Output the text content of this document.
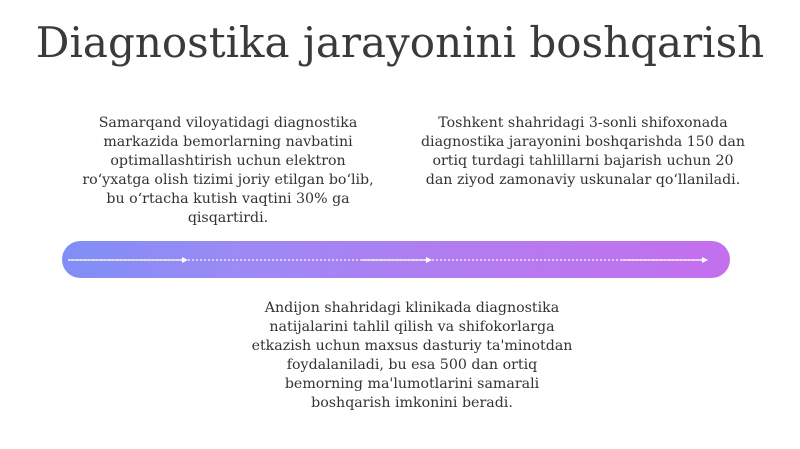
Diagnostika jarayonini boshqarish
Samarqand viloyatidagi diagnostika markazida bemorlarning navbatini optimallashtirish uchun elektron roʻyxatga olish tizimi joriy etilgan boʻlib, bu oʻrtacha kutish vaqtini 30% ga qisqartirdi.
Toshkent shahridagi 3-sonli shifoxonada diagnostika jarayonini boshqarishda 150 dan ortiq turdagi tahlillarni bajarish uchun 20 dan ziyod zamonaviy uskunalar qoʻllaniladi.
Andijon shahridagi klinikada diagnostika natijalarini tahlil qilish va shifokorlarga etkazish uchun maxsus dasturiy ta'minotdan foydalaniladi, bu esa 500 dan ortiq bemorning ma'lumotlarini samarali boshqarish imkonini beradi.
